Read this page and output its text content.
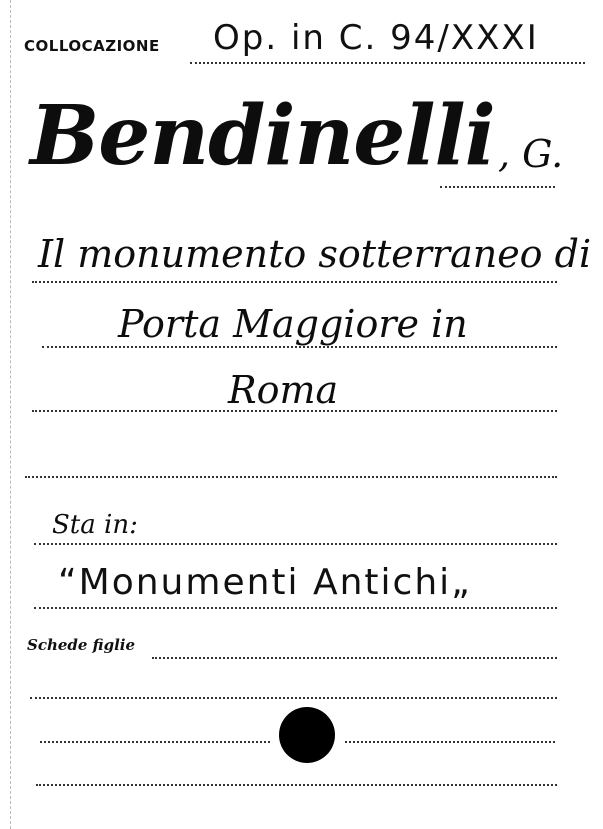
COLLOCAZIONE Op. in C. 94/XXXI
Bendinelli , G.
Il monumento sotterraneo di
Porta Maggiore in
Roma
Sta in:
“Monumenti Antichi„
Schede figlie
